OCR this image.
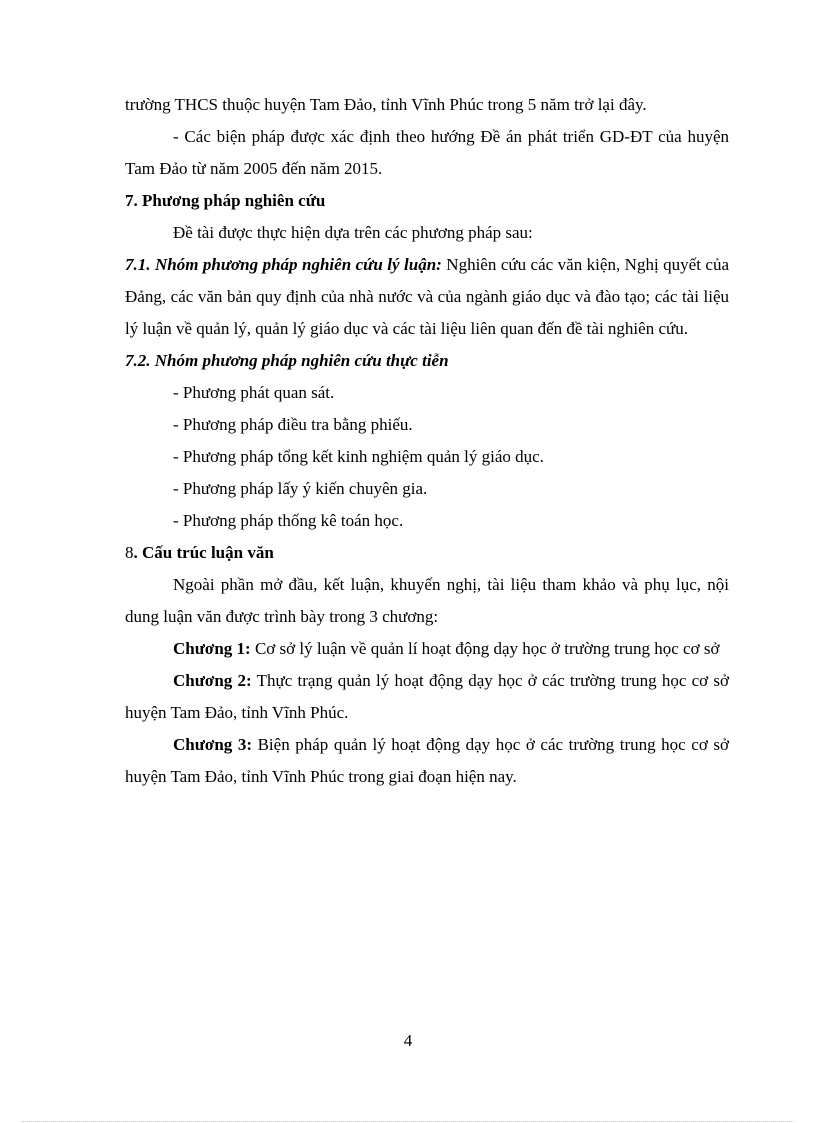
trường THCS thuộc huyện Tam Đảo, tỉnh Vĩnh Phúc trong 5 năm trở lại đây.

- Các biện pháp được xác định theo hướng Đề án phát triển GD-ĐT của huyện Tam Đảo từ năm 2005 đến năm 2015.

7. Phương pháp nghiên cứu

Đề tài được thực hiện dựa trên các phương pháp sau:

7.1. Nhóm phương pháp nghiên cứu lý luận: Nghiên cứu các văn kiện, Nghị quyết của Đảng, các văn bản quy định của nhà nước và của ngành giáo dục và đào tạo; các tài liệu lý luận về quản lý, quản lý giáo dục và các tài liệu liên quan đến đề tài nghiên cứu.

7.2. Nhóm phương pháp nghiên cứu thực tiễn

- Phương phát quan sát.

- Phương pháp điều tra bằng phiếu.

- Phương pháp tổng kết kinh nghiệm quản lý giáo dục.

- Phương pháp lấy ý kiến chuyên gia.

- Phương pháp thống kê toán học.

8. Cấu trúc luận văn

Ngoài phần mở đầu, kết luận, khuyến nghị, tài liệu tham khảo và phụ lục, nội dung luận văn được trình bày trong 3 chương:

Chương 1: Cơ sở lý luận về quản lí hoạt động dạy học ở trường trung học cơ sở

Chương 2: Thực trạng quản lý hoạt động dạy học ở các trường trung học cơ sở huyện Tam Đảo, tỉnh Vĩnh Phúc.

Chương 3: Biện pháp quản lý hoạt động dạy học ở các trường trung học cơ sở huyện Tam Đảo, tỉnh Vĩnh Phúc trong giai đoạn hiện nay.

4
